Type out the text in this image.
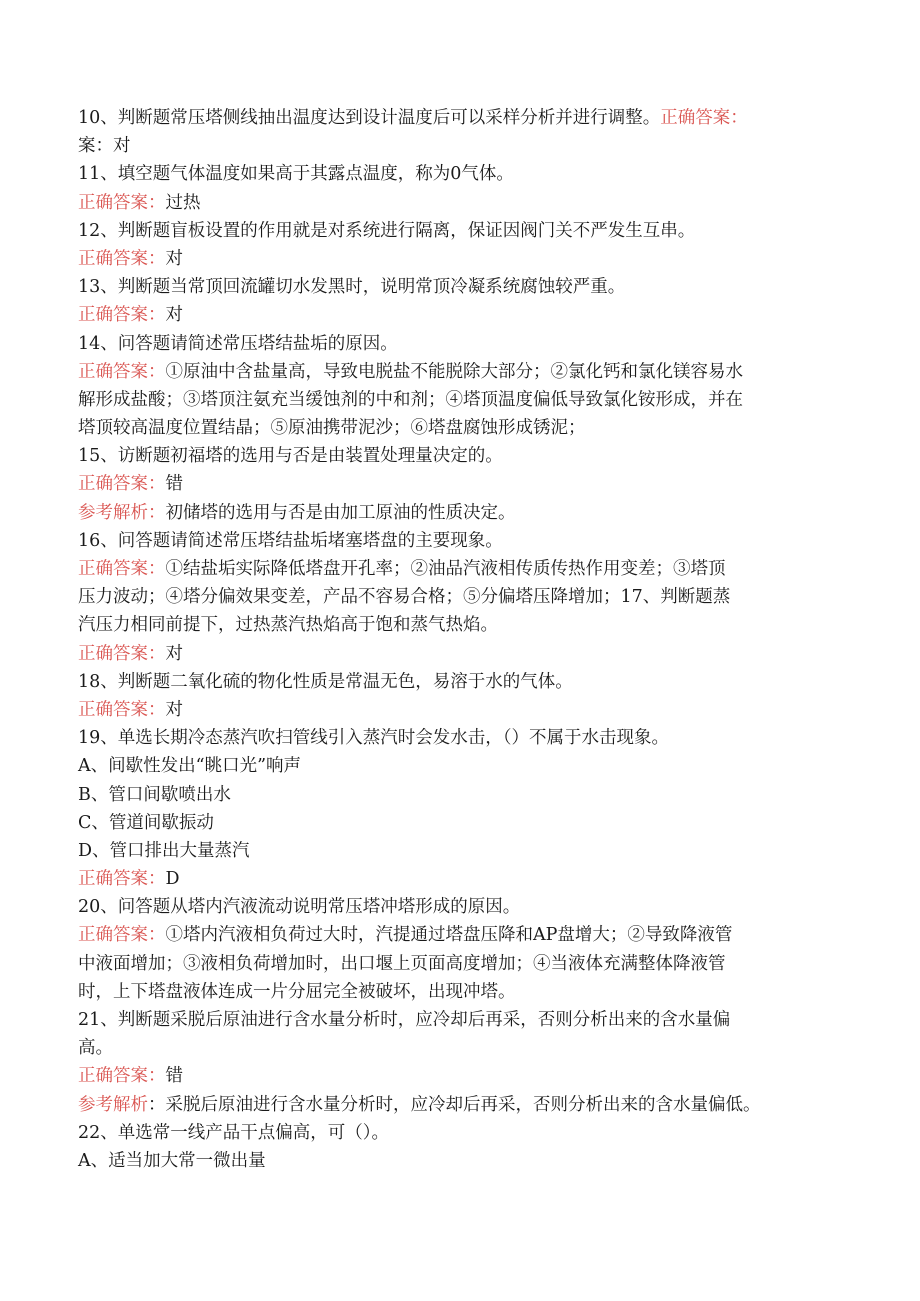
10、判断题常压塔侧线抽出温度达到设计温度后可以采样分析并进行调整。正确答案：
案：对
11、填空题气体温度如果高于其露点温度，称为0气体。
正确答案：过热
12、判断题盲板设置的作用就是对系统进行隔离，保证因阀门关不严发生互串。
正确答案：对
13、判断题当常顶回流罐切水发黑时，说明常顶冷凝系统腐蚀较严重。
正确答案：对
14、问答题请简述常压塔结盐垢的原因。
正确答案：①原油中含盐量高，导致电脱盐不能脱除大部分；②氯化钙和氯化镁容易水
解形成盐酸；③塔顶注氨充当缓蚀剂的中和剂；④塔顶温度偏低导致氯化铵形成，并在
塔顶较高温度位置结晶；⑤原油携带泥沙；⑥塔盘腐蚀形成锈泥；
15、访断题初福塔的选用与否是由装置处理量决定的。
正确答案：错
参考解析：初储塔的选用与否是由加工原油的性质决定。
16、问答题请简述常压塔结盐垢堵塞塔盘的主要现象。
正确答案：①结盐垢实际降低塔盘开孔率；②油品汽液相传质传热作用变差；③塔顶
压力波动；④塔分偏效果变差，产品不容易合格；⑤分偏塔压降增加；17、判断题蒸
汽压力相同前提下，过热蒸汽热焰高于饱和蒸气热焰。
正确答案：对
18、判断题二氧化硫的物化性质是常温无色，易溶于水的气体。
正确答案：对
19、单选长期冷态蒸汽吹扫管线引入蒸汽时会发水击，（）不属于水击现象。
A、间歇性发出“眺口光”响声
B、管口间歇喷出水
C、管道间歇振动
D、管口排出大量蒸汽
正确答案：D
20、问答题从塔内汽液流动说明常压塔冲塔形成的原因。
正确答案：①塔内汽液相负荷过大时，汽提通过塔盘压降和AP盘增大；②导致降液管
中液面增加；③液相负荷增加时，出口堰上页面高度增加；④当液体充满整体降液管
时，上下塔盘液体连成一片分屈完全被破坏，出现冲塔。
21、判断题采脱后原油进行含水量分析时，应冷却后再采，否则分析出来的含水量偏
高。
正确答案：错
参考解析：采脱后原油进行含水量分析时，应冷却后再采，否则分析出来的含水量偏低。
22、单选常一线产品干点偏高，可（）。
A、适当加大常一微出量
